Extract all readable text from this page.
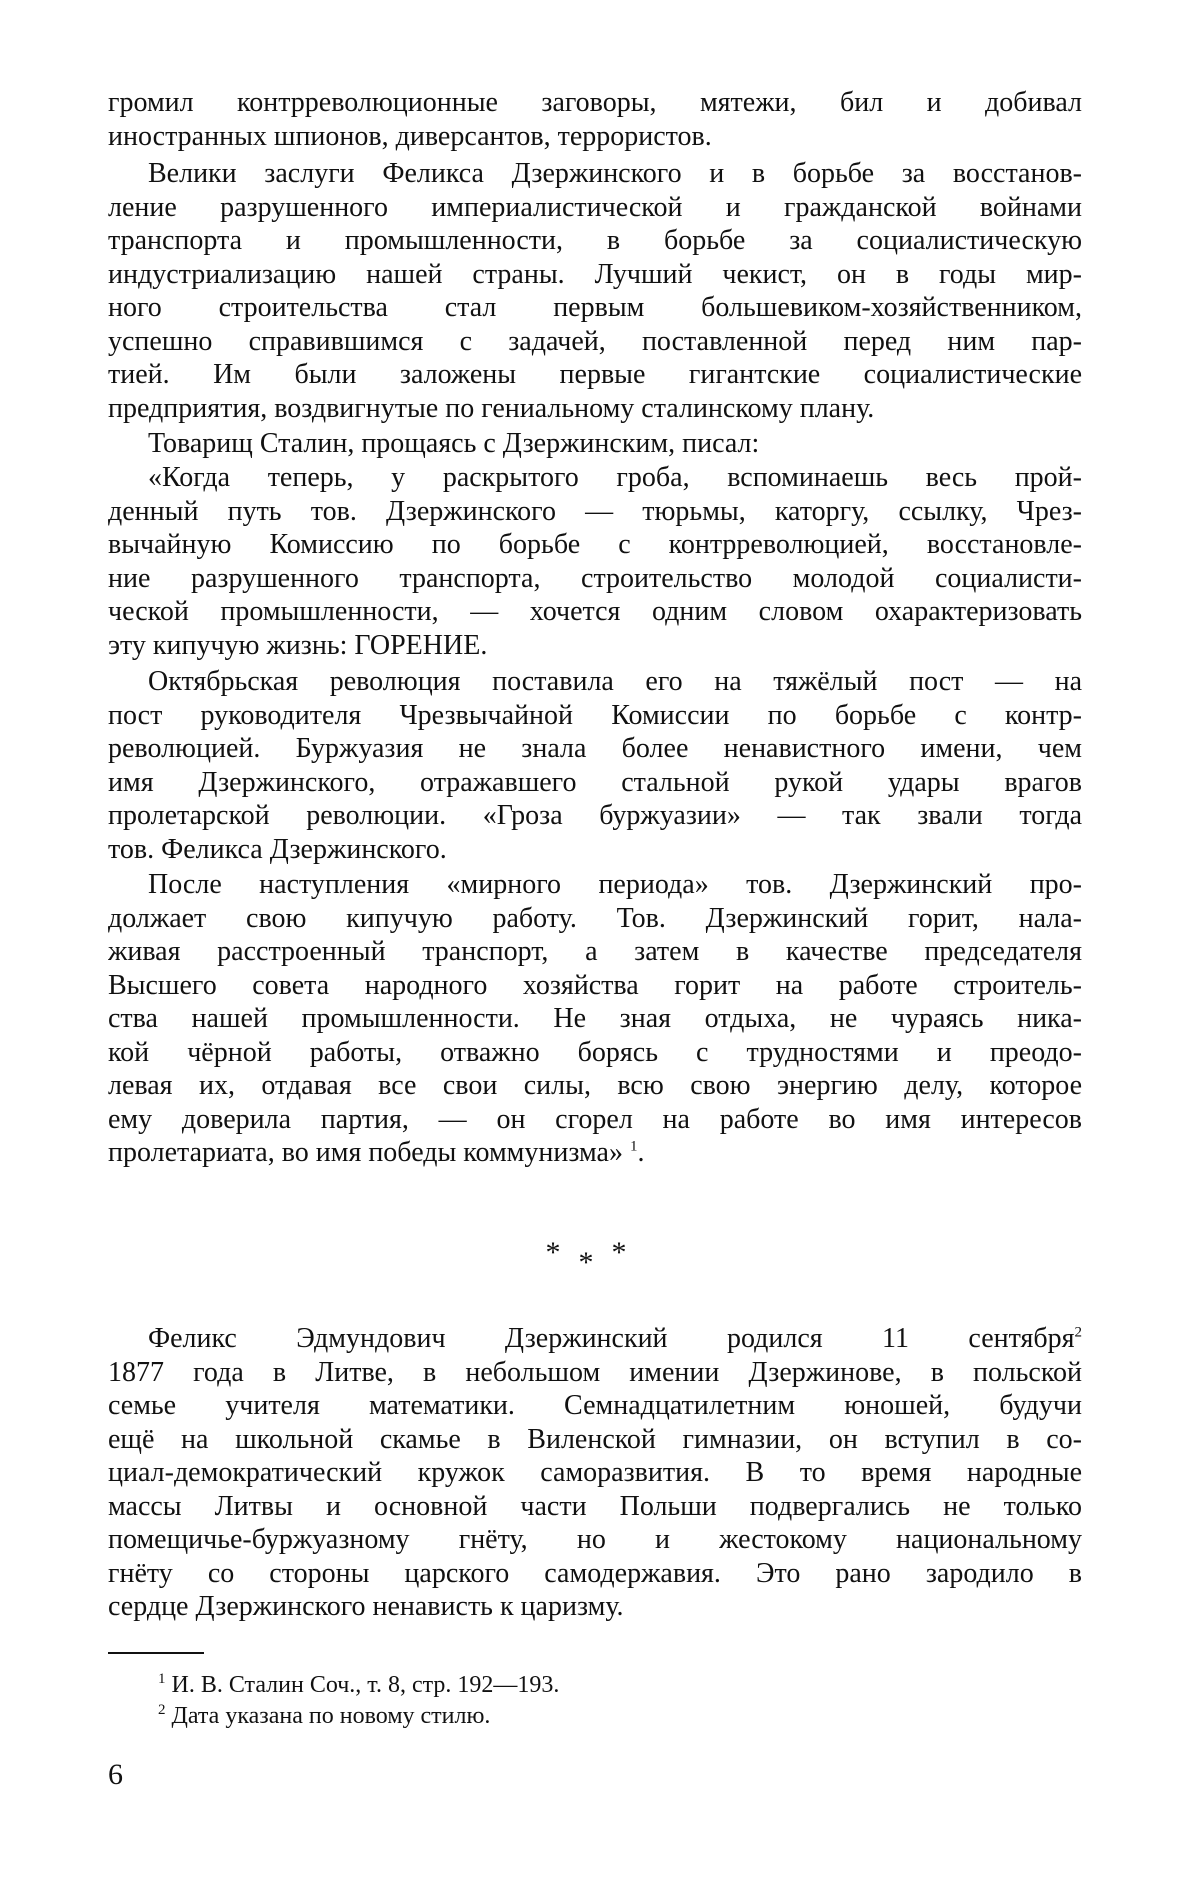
громил контрреволюционные заговоры, мятежи, бил и добивал
иностранных шпионов, диверсантов, террористов.
Велики заслуги Феликса Дзержинского и в борьбе за восстанов-
ление разрушенного империалистической и гражданской войнами
транспорта и промышленности, в борьбе за социалистическую
индустриализацию нашей страны. Лучший чекист, он в годы мир-
ного строительства стал первым большевиком-хозяйственником,
успешно справившимся с задачей, поставленной перед ним пар-
тией. Им были заложены первые гигантские социалистические
предприятия, воздвигнутые по гениальному сталинскому плану.
Товарищ Сталин, прощаясь с Дзержинским, писал:
«Когда теперь, у раскрытого гроба, вспоминаешь весь прой-
денный путь тов. Дзержинского — тюрьмы, каторгу, ссылку, Чрез-
вычайную Комиссию по борьбе с контрреволюцией, восстановле-
ние разрушенного транспорта, строительство молодой социалисти-
ческой промышленности, — хочется одним словом охарактеризовать
эту кипучую жизнь: ГОРЕНИЕ.
Октябрьская революция поставила его на тяжёлый пост — на
пост руководителя Чрезвычайной Комиссии по борьбе с контр-
революцией. Буржуазия не знала более ненавистного имени, чем
имя Дзержинского, отражавшего стальной рукой удары врагов
пролетарской революции. «Гроза буржуазии» — так звали тогда
тов. Феликса Дзержинского.
После наступления «мирного периода» тов. Дзержинский про-
должает свою кипучую работу. Тов. Дзержинский горит, нала-
живая расстроенный транспорт, а затем в качестве председателя
Высшего совета народного хозяйства горит на работе строитель-
ства нашей промышленности. Не зная отдыха, не чураясь ника-
кой чёрной работы, отважно борясь с трудностями и преодо-
левая их, отдавая все свои силы, всю свою энергию делу, которое
ему доверила партия, — он сгорел на работе во имя интересов
пролетариата, во имя победы коммунизма» $^1$.
***
Феликс Эдмундович Дзержинский родился 11 сентября$^2$
1877 года в Литве, в небольшом имении Дзержинове, в польской
семье учителя математики. Семнадцатилетним юношей, будучи
ещё на школьной скамье в Виленской гимназии, он вступил в со-
циал-демократический кружок саморазвития. В то время народные
массы Литвы и основной части Польши подвергались не только
помещичье-буржуазному гнёту, но и жестокому национальному
гнёту со стороны царского самодержавия. Это рано зародило в
сердце Дзержинского ненависть к царизму.
$^1$ И. В. Сталин Соч., т. 8, стр. 192—193.
$^2$ Дата указана по новому стилю.
6
